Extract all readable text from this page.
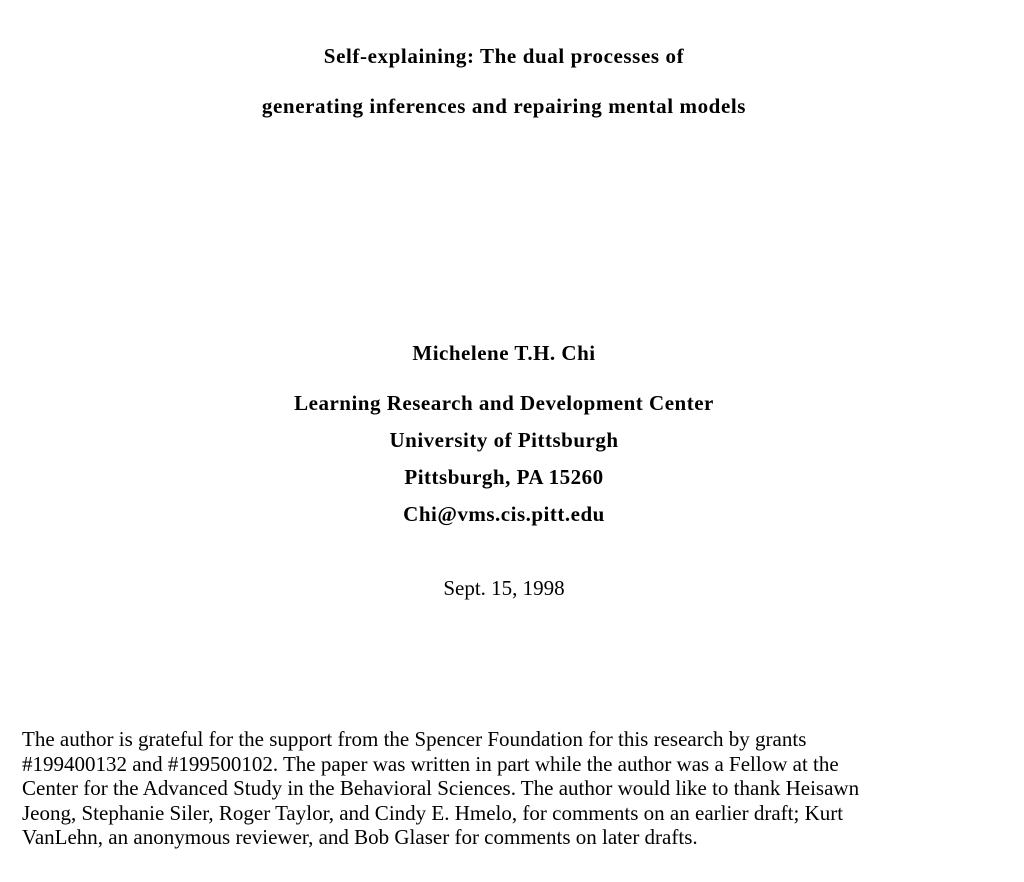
Self-explaining: The dual processes of

generating inferences and repairing mental models

Michelene T.H. Chi

Learning Research and Development Center

University of Pittsburgh

Pittsburgh, PA 15260

Chi@vms.cis.pitt.edu

Sept. 15, 1998

The author is grateful for the support from the Spencer Foundation for this research by grants
#199400132 and #199500102. The paper was written in part while the author was a Fellow at the
Center for the Advanced Study in the Behavioral Sciences. The author would like to thank Heisawn
Jeong, Stephanie Siler, Roger Taylor, and Cindy E. Hmelo, for comments on an earlier draft; Kurt
VanLehn, an anonymous reviewer, and Bob Glaser for comments on later drafts.
